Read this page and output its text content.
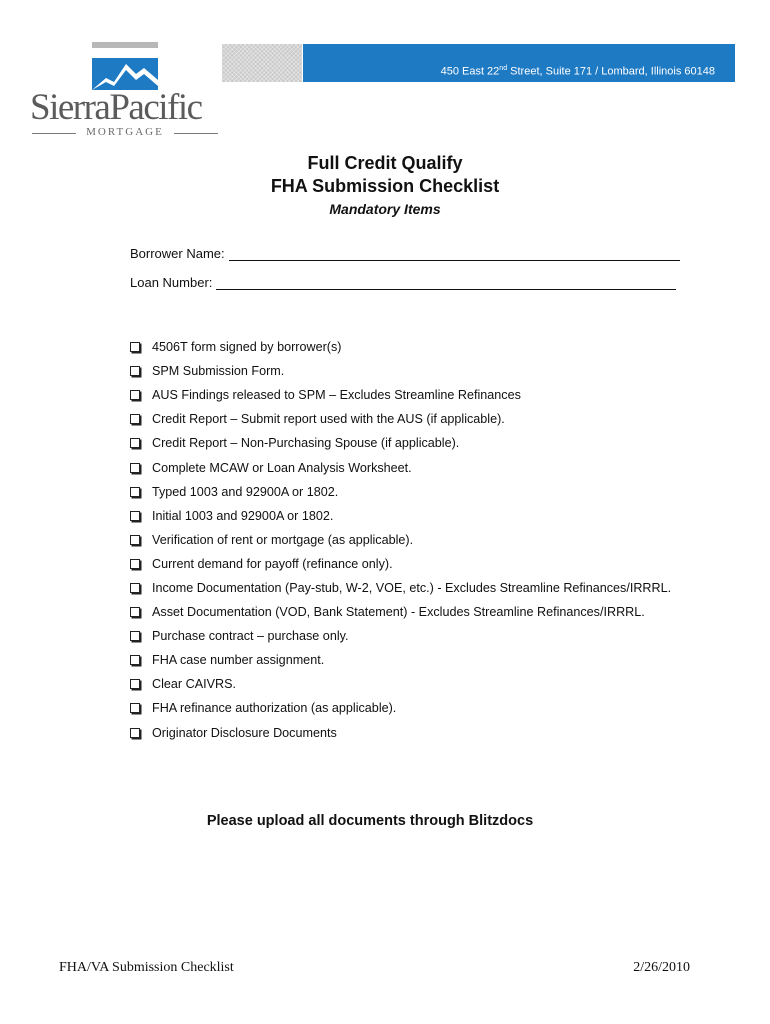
SierraPacific
MORTGAGE
450 East 22nd Street, Suite 171 / Lombard, Illinois 60148
Full Credit Qualify
FHA Submission Checklist
Mandatory Items
Borrower Name:
Loan Number:
4506T form signed by borrower(s)
SPM Submission Form.
AUS Findings released to SPM – Excludes Streamline Refinances
Credit Report – Submit report used with the AUS (if applicable).
Credit Report – Non-Purchasing Spouse (if applicable).
Complete MCAW or Loan Analysis Worksheet.
Typed 1003 and 92900A or 1802.
Initial 1003 and 92900A or 1802.
Verification of rent or mortgage (as applicable).
Current demand for payoff (refinance only).
Income Documentation (Pay-stub, W-2, VOE, etc.) - Excludes Streamline Refinances/IRRRL.
Asset Documentation (VOD, Bank Statement) - Excludes Streamline Refinances/IRRRL.
Purchase contract – purchase only.
FHA case number assignment.
Clear CAIVRS.
FHA refinance authorization (as applicable).
Originator Disclosure Documents
Please upload all documents through Blitzdocs
FHA/VA Submission Checklist	2/26/2010
